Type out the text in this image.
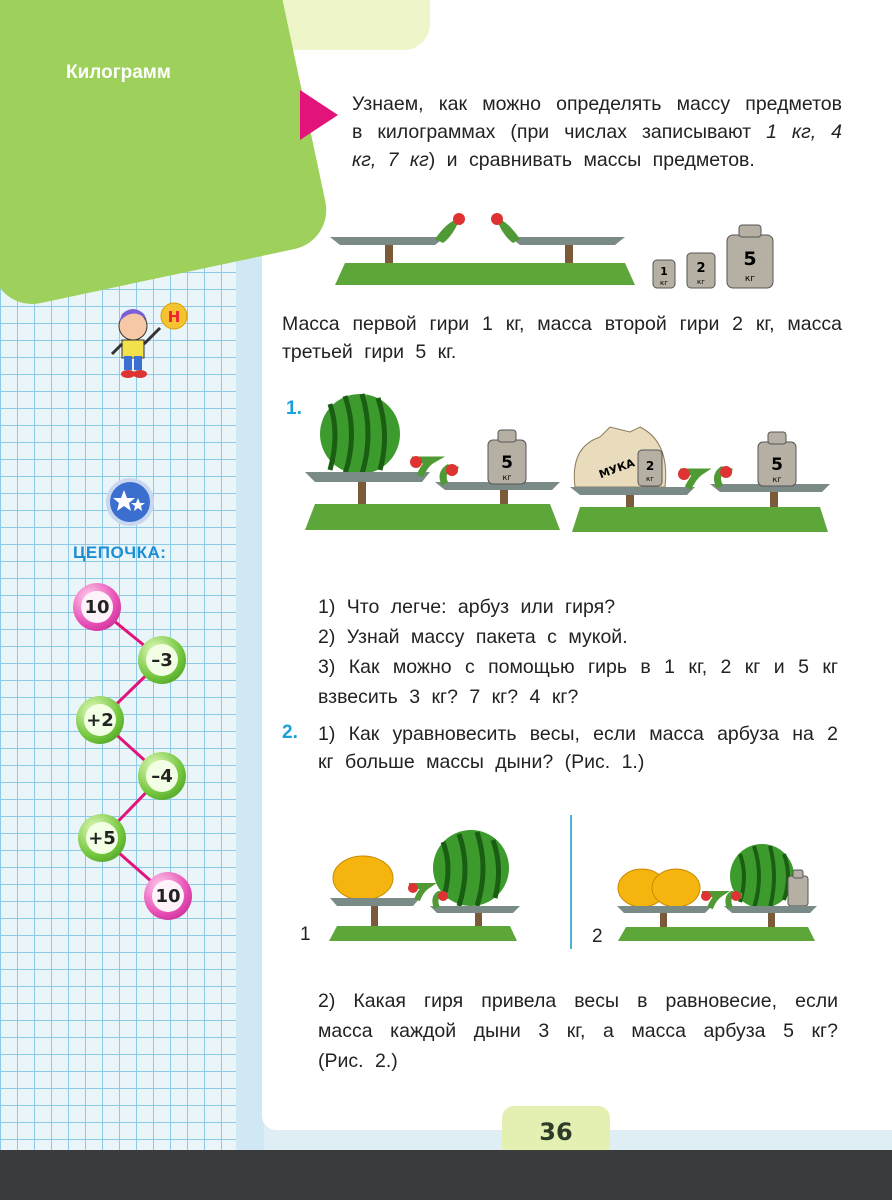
Килограмм
Узнаем, как можно определять массу предметов в килограммах (при числах записывают 1 кг, 4 кг, 7 кг) и сравнивать массы предметов.
1
кг
2
кг
5
кг
Масса первой гири 1 кг, масса второй гири 2 кг, масса третьей гири 5 кг.
1.
5
кг	МУКА 2
кг
5
кг
1) Что легче: арбуз или гиря?
2) Узнай массу пакета с мукой.
3) Как можно с помощью гирь в 1 кг, 2 кг и 5 кг взвесить 3 кг? 7 кг? 4 кг?
2. 1) Как уравновесить весы, если масса арбуза на 2 кг больше массы дыни? (Рис. 1.)
1	2
2) Какая гиря привела весы в равновесие, если масса каждой дыни 3 кг, а масса арбуза 5 кг? (Рис. 2.)
Н
ЦЕПОЧКА:
10
–3
+2
–4
+5
10
36
